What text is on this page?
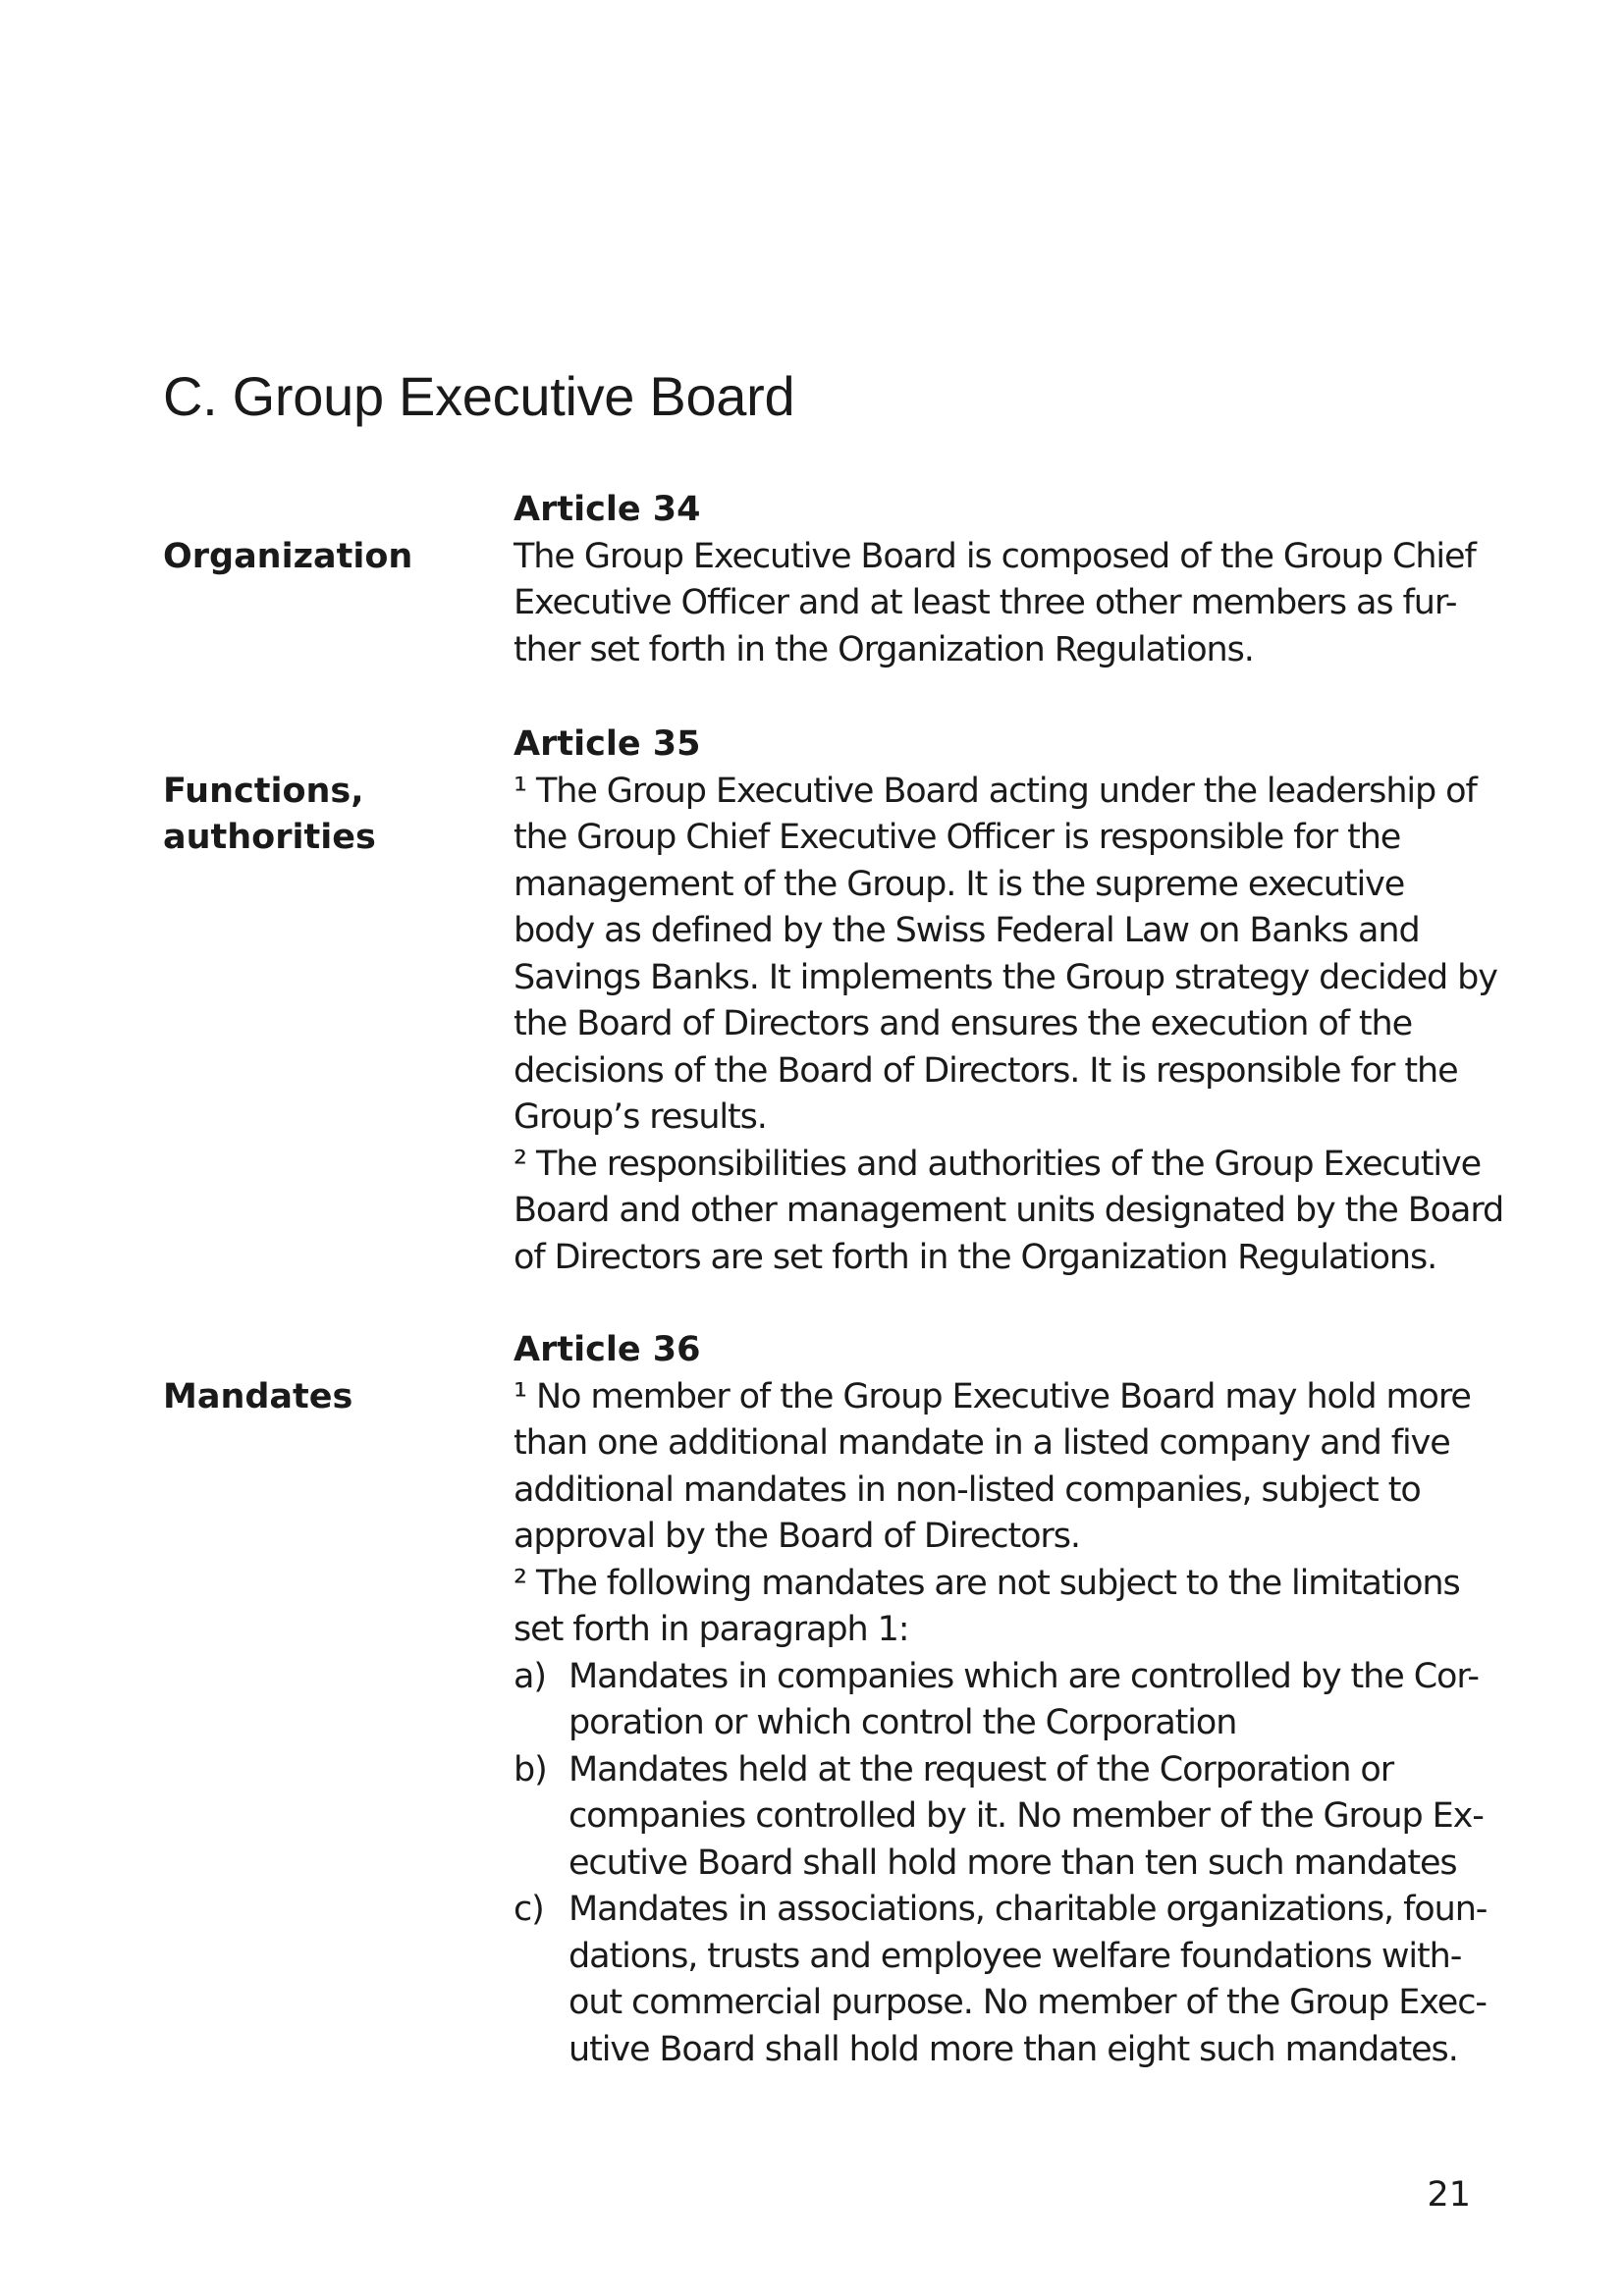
C. Group Executive Board
Article 34
Organization	The Group Executive Board is composed of the Group Chief
Executive Officer and at least three other members as fur-
ther set forth in the Organization Regulations.
Article 35
Functions,
authorities
¹ The Group Executive Board acting under the leadership of
the Group Chief Executive Officer is responsible for the
management of the Group. It is the supreme executive
body as defined by the Swiss Federal Law on Banks and
Savings Banks. It implements the Group strategy decided by
the Board of Directors and ensures the execution of the
decisions of the Board of Directors. It is responsible for the
Group’s results.
² The responsibilities and authorities of the Group Executive
Board and other management units designated by the Board
of Directors are set forth in the Organization Regulations.
Article 36
Mandates	¹ No member of the Group Executive Board may hold more
than one additional mandate in a listed company and five
additional mandates in non-listed companies, subject to
approval by the Board of Directors.
² The following mandates are not subject to the limitations
set forth in paragraph 1:
a) Mandates in companies which are controlled by the Cor-
poration or which control the Corporation
b) Mandates held at the request of the Corporation or
companies controlled by it. No member of the Group Ex-
ecutive Board shall hold more than ten such mandates
c) Mandates in associations, charitable organizations, foun-
dations, trusts and employee welfare foundations with-
out commercial purpose. No member of the Group Exec-
utive Board shall hold more than eight such mandates.
21
